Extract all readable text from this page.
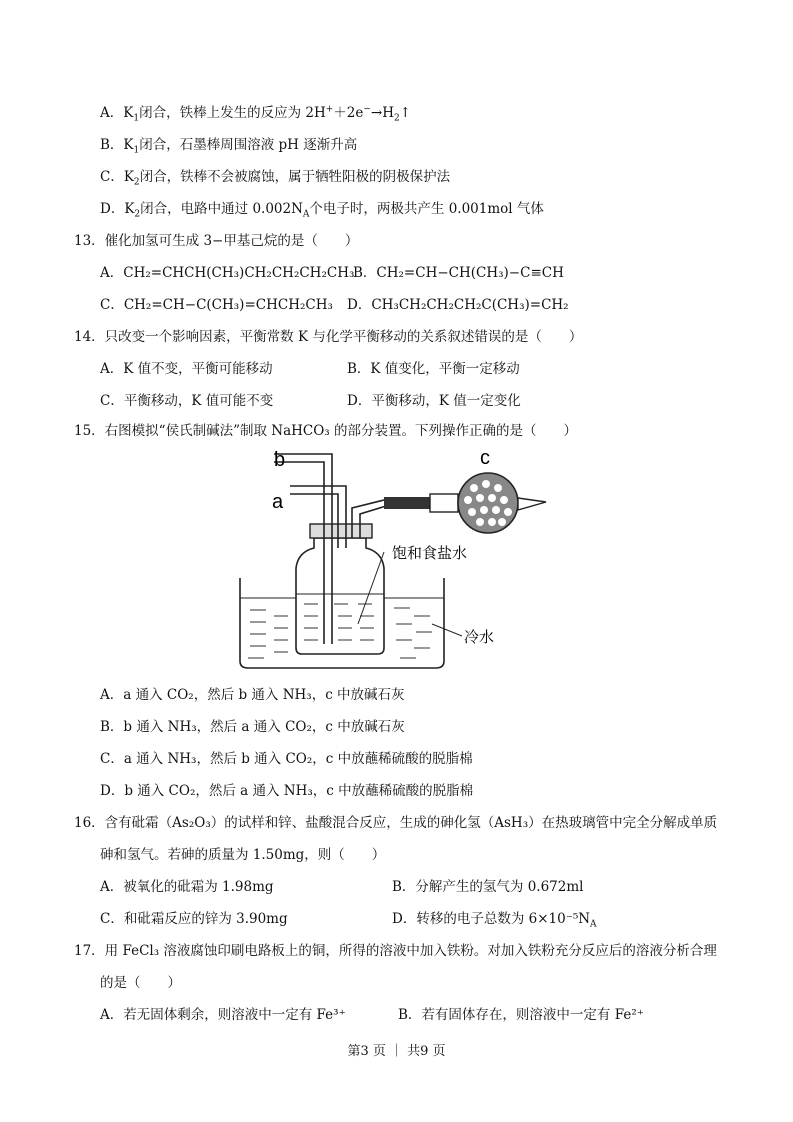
A．$K_1$闭合，铁棒上发生的反应为 $2H^++2e^-\to H_2↑$
B．$K_1$闭合，石墨棒周围溶液 pH 逐渐升高
C．$K_2$闭合，铁棒不会被腐蚀，属于牺牲阳极的阴极保护法
D．$K_2$闭合，电路中通过 $0.002N_A$个电子时，两极共产生 0.001mol 气体
13．催化加氢可生成 3−甲基己烷的是（　　）
A．CH₂=CHCH(CH₃)CH₂CH₂CH₂CH₃
B．CH₂=CH−CH(CH₃)−C≡CH
C．CH₂=CH−C(CH₃)=CHCH₂CH₃ D．CH₃CH₂CH₂CH₂C(CH₃)=CH₂
14．只改变一个影响因素，平衡常数 K 与化学平衡移动的关系叙述错误的是（　　）
A．K 值不变，平衡可能移动	B．K 值变化，平衡一定移动
C．平衡移动，K 值可能不变	D．平衡移动，K 值一定变化
15．右图模拟“侯氏制碱法”制取 NaHCO₃ 的部分装置。下列操作正确的是（　　）
b
a
c
饱和食盐水
冷水
A．a 通入 CO₂，然后 b 通入 NH₃，c 中放碱石灰
B．b 通入 NH₃，然后 a 通入 CO₂，c 中放碱石灰
C．a 通入 NH₃，然后 b 通入 CO₂，c 中放蘸稀硫酸的脱脂棉
D．b 通入 CO₂，然后 a 通入 NH₃，c 中放蘸稀硫酸的脱脂棉
16．含有砒霜（As₂O₃）的试样和锌、盐酸混合反应，生成的砷化氢（AsH₃）在热玻璃管中完全分解成单质
砷和氢气。若砷的质量为 1.50mg，则（　　）
A．被氧化的砒霜为 1.98mg	B．分解产生的氢气为 0.672ml
C．和砒霜反应的锌为 3.90mg	D．转移的电子总数为 $6\times 10^{-5}N_A$
17．用 FeCl₃ 溶液腐蚀印刷电路板上的铜，所得的溶液中加入铁粉。对加入铁粉充分反应后的溶液分析合理
的是（　　）
A．若无固体剩余，则溶液中一定有 Fe³⁺	B．若有固体存在，则溶液中一定有 Fe²⁺
第3 页 ｜ 共9 页
